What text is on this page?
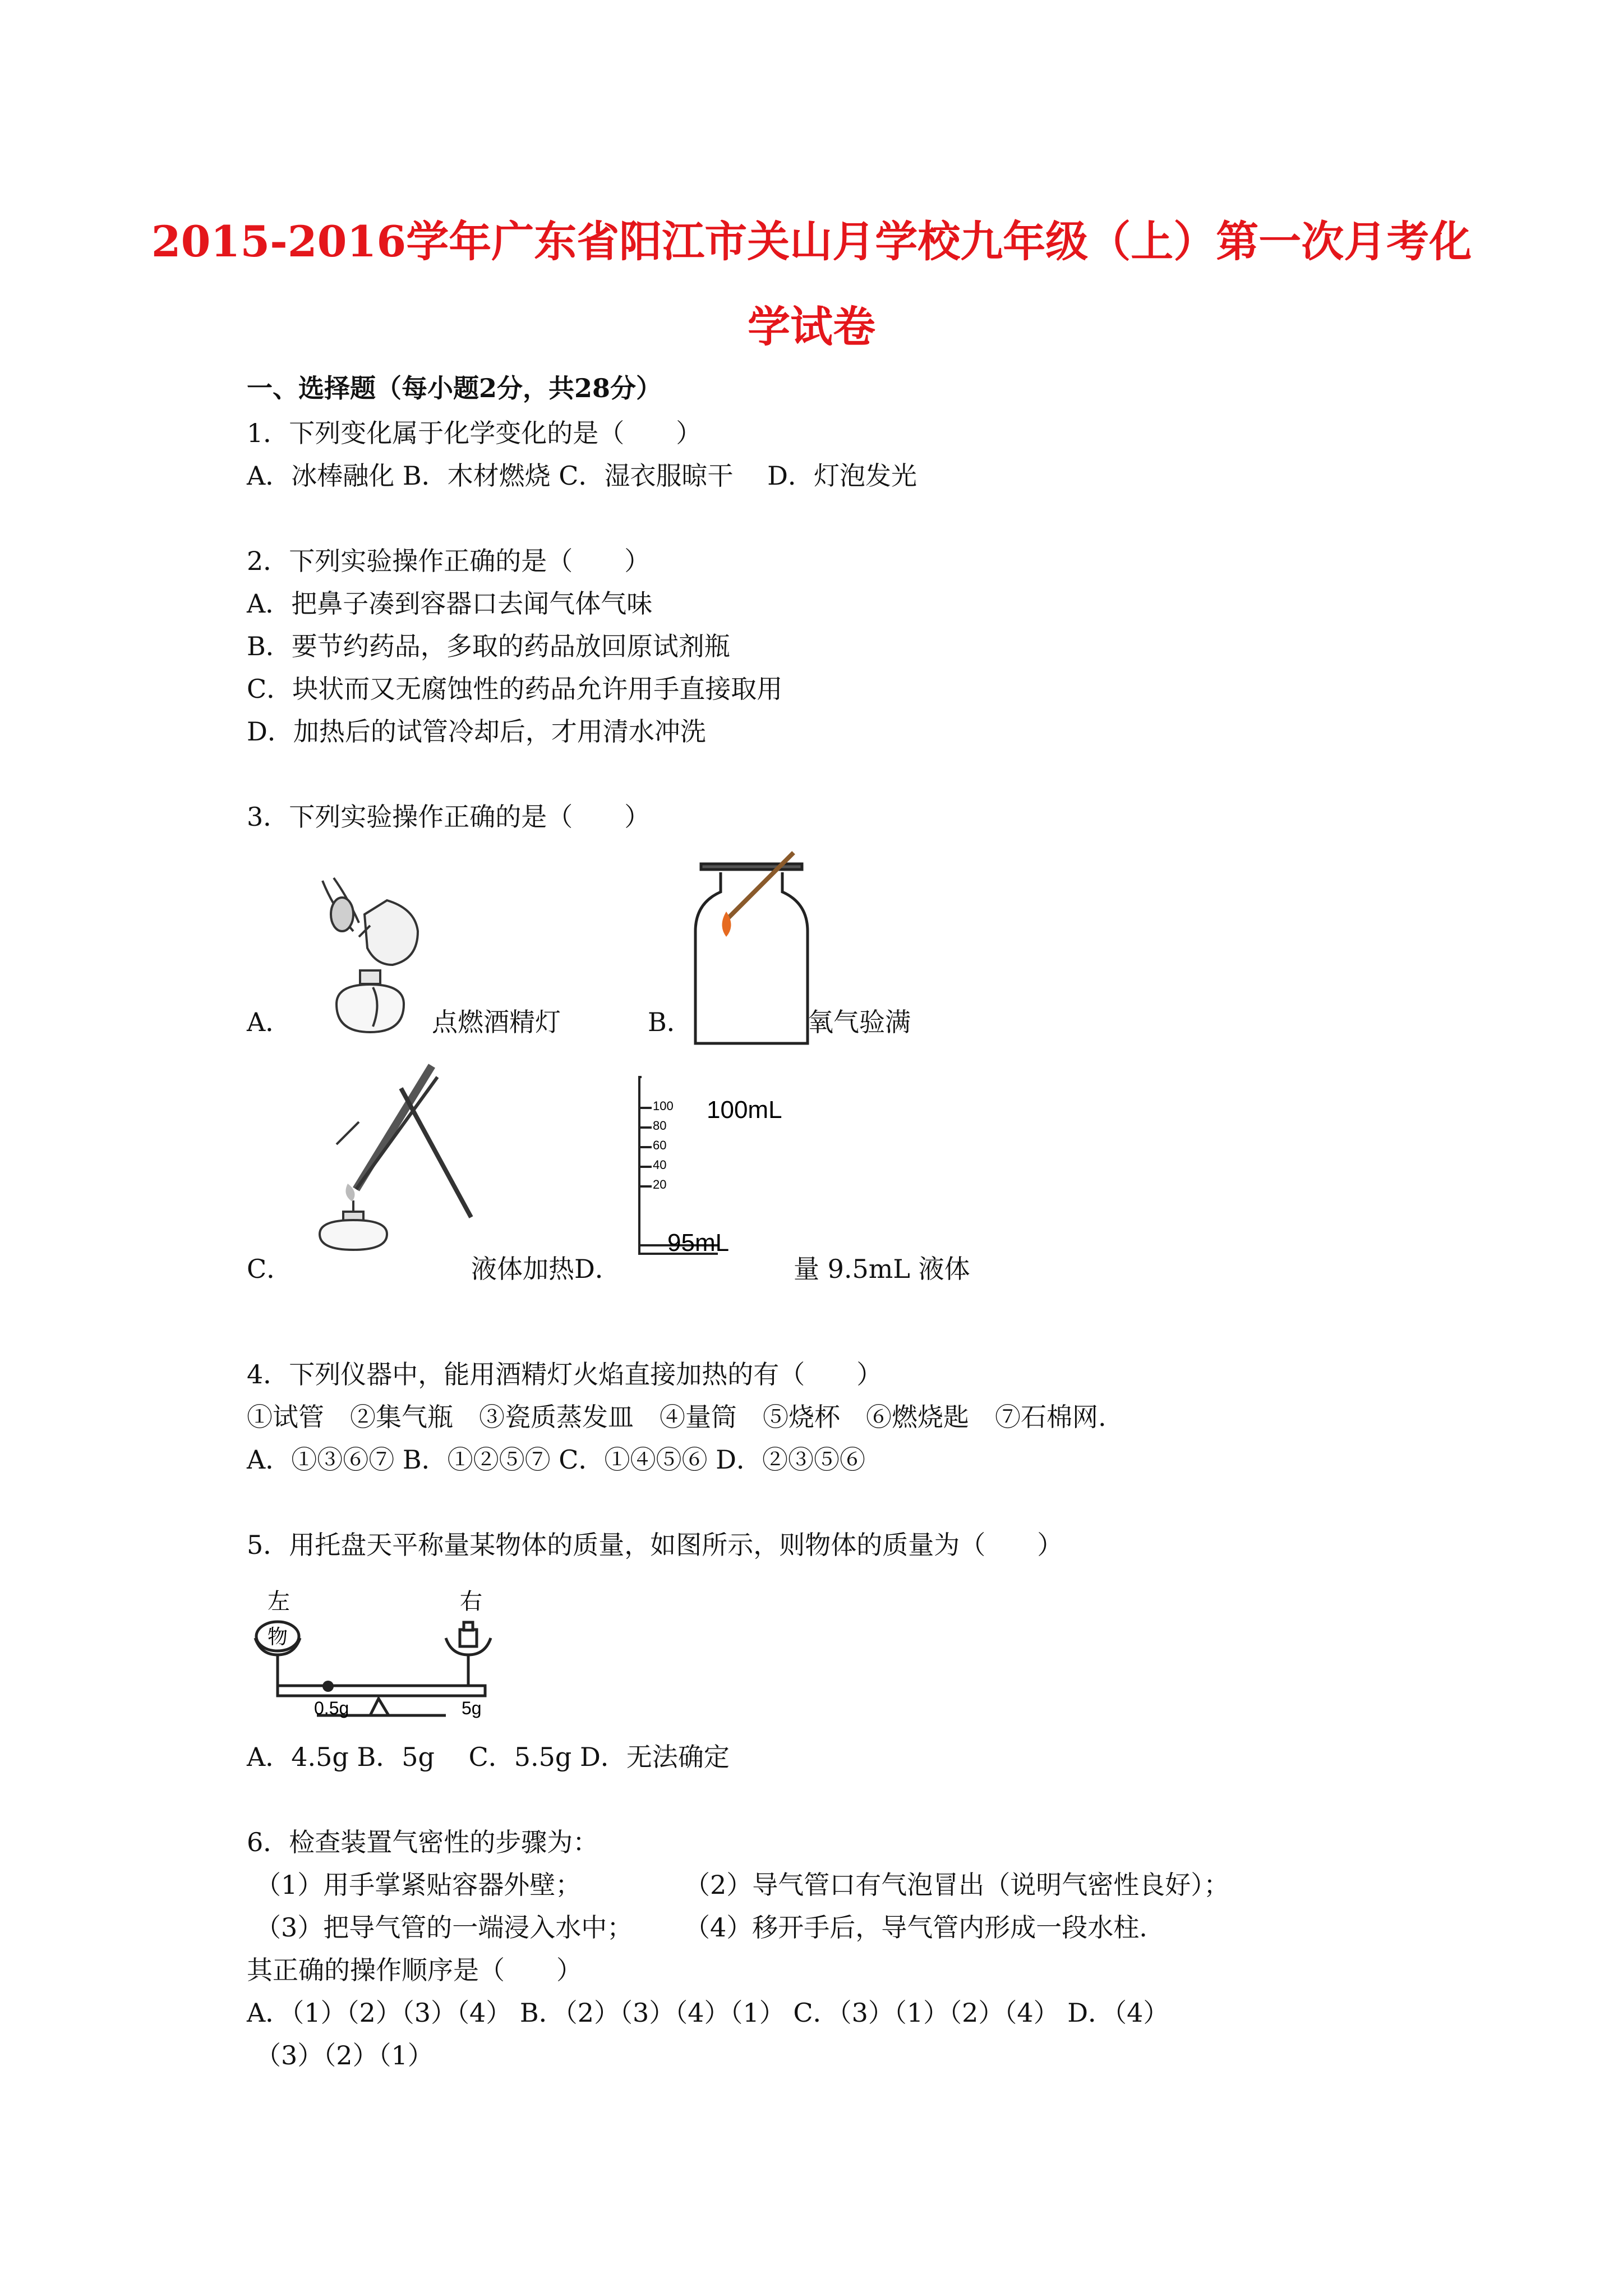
2015-2016学年广东省阳江市关山月学校九年级（上）第一次月考化
学试卷
一、选择题（每小题2分，共28分）
1．下列变化属于化学变化的是（　　）
A．冰棒融化 B．木材燃烧 C．湿衣服晾干　 D．灯泡发光
2．下列实验操作正确的是（　　）
A．把鼻子凑到容器口去闻气体气味
B．要节约药品，多取的药品放回原试剂瓶
C．块状而又无腐蚀性的药品允许用手直接取用
D．加热后的试管冷却后，才用清水冲洗
3．下列实验操作正确的是（　　）
A．	点燃酒精灯	B．	氧气验满
C．	液体加热D．
100
80
60
40
20
100mL
95mL
量 9.5mL 液体
4．下列仪器中，能用酒精灯火焰直接加热的有（　　）
①试管　②集气瓶　③瓷质蒸发皿　④量筒　⑤烧杯　⑥燃烧匙　⑦石棉网.
A．①③⑥⑦ B．①②⑤⑦ C．①④⑤⑥ D．②③⑤⑥
5．用托盘天平称量某物体的质量，如图所示，则物体的质量为（　　）
左	右
物
0.5g	5g
A．4.5g B．5g　 C．5.5g D．无法确定
6．检查装置气密性的步骤为：
（1）用手掌紧贴容器外壁；	（2）导气管口有气泡冒出（说明气密性良好）；
（3）把导气管的一端浸入水中； （4）移开手后，导气管内形成一段水柱.
其正确的操作顺序是（　　）
A．（1）（2）（3）（4） B．（2）（3）（4）（1） C．（3）（1）（2）（4） D．（4）
（3）（2）（1）
